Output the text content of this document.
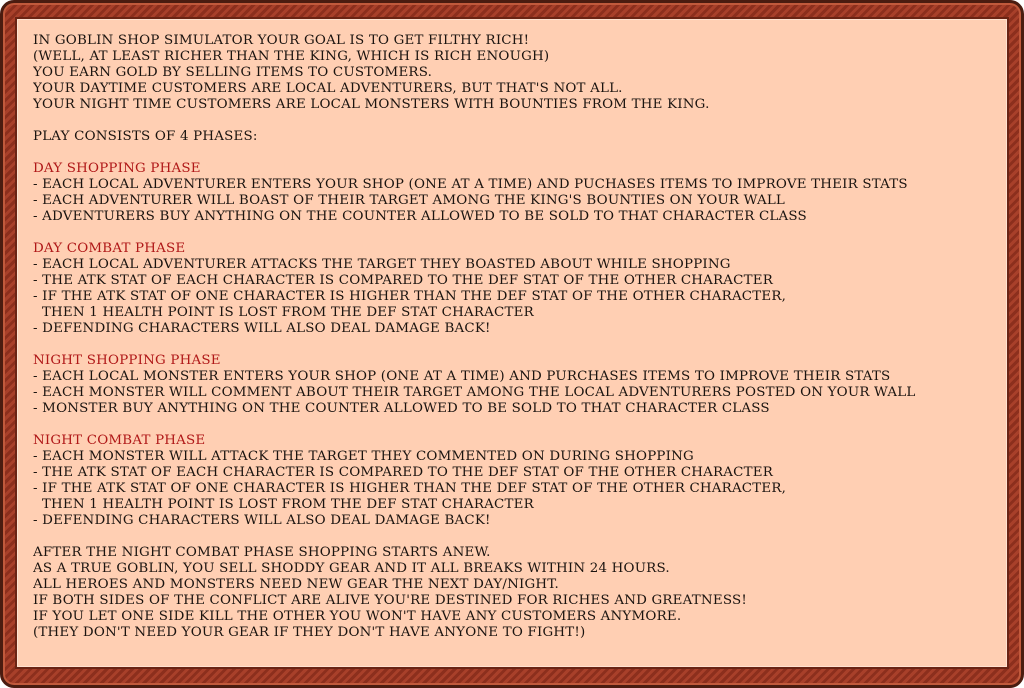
IN GOBLIN SHOP SIMULATOR YOUR GOAL IS TO GET FILTHY RICH!
(WELL, AT LEAST RICHER THAN THE KING, WHICH IS RICH ENOUGH)
YOU EARN GOLD BY SELLING ITEMS TO CUSTOMERS.
YOUR DAYTIME CUSTOMERS ARE LOCAL ADVENTURERS, BUT THAT'S NOT ALL.
YOUR NIGHT TIME CUSTOMERS ARE LOCAL MONSTERS WITH BOUNTIES FROM THE KING.
PLAY CONSISTS OF 4 PHASES:
DAY SHOPPING PHASE
- EACH LOCAL ADVENTURER ENTERS YOUR SHOP (ONE AT A TIME) AND PUCHASES ITEMS TO IMPROVE THEIR STATS
- EACH ADVENTURER WILL BOAST OF THEIR TARGET AMONG THE KING'S BOUNTIES ON YOUR WALL
- ADVENTURERS BUY ANYTHING ON THE COUNTER ALLOWED TO BE SOLD TO THAT CHARACTER CLASS
DAY COMBAT PHASE
- EACH LOCAL ADVENTURER ATTACKS THE TARGET THEY BOASTED ABOUT WHILE SHOPPING
- THE ATK STAT OF EACH CHARACTER IS COMPARED TO THE DEF STAT OF THE OTHER CHARACTER
- IF THE ATK STAT OF ONE CHARACTER IS HIGHER THAN THE DEF STAT OF THE OTHER CHARACTER,
THEN 1 HEALTH POINT IS LOST FROM THE DEF STAT CHARACTER
- DEFENDING CHARACTERS WILL ALSO DEAL DAMAGE BACK!
NIGHT SHOPPING PHASE
- EACH LOCAL MONSTER ENTERS YOUR SHOP (ONE AT A TIME) AND PURCHASES ITEMS TO IMPROVE THEIR STATS
- EACH MONSTER WILL COMMENT ABOUT THEIR TARGET AMONG THE LOCAL ADVENTURERS POSTED ON YOUR WALL
- MONSTER BUY ANYTHING ON THE COUNTER ALLOWED TO BE SOLD TO THAT CHARACTER CLASS
NIGHT COMBAT PHASE
- EACH MONSTER WILL ATTACK THE TARGET THEY COMMENTED ON DURING SHOPPING
- THE ATK STAT OF EACH CHARACTER IS COMPARED TO THE DEF STAT OF THE OTHER CHARACTER
- IF THE ATK STAT OF ONE CHARACTER IS HIGHER THAN THE DEF STAT OF THE OTHER CHARACTER,
THEN 1 HEALTH POINT IS LOST FROM THE DEF STAT CHARACTER
- DEFENDING CHARACTERS WILL ALSO DEAL DAMAGE BACK!
AFTER THE NIGHT COMBAT PHASE SHOPPING STARTS ANEW.
AS A TRUE GOBLIN, YOU SELL SHODDY GEAR AND IT ALL BREAKS WITHIN 24 HOURS.
ALL HEROES AND MONSTERS NEED NEW GEAR THE NEXT DAY/NIGHT.
IF BOTH SIDES OF THE CONFLICT ARE ALIVE YOU'RE DESTINED FOR RICHES AND GREATNESS!
IF YOU LET ONE SIDE KILL THE OTHER YOU WON'T HAVE ANY CUSTOMERS ANYMORE.
(THEY DON'T NEED YOUR GEAR IF THEY DON'T HAVE ANYONE TO FIGHT!)
